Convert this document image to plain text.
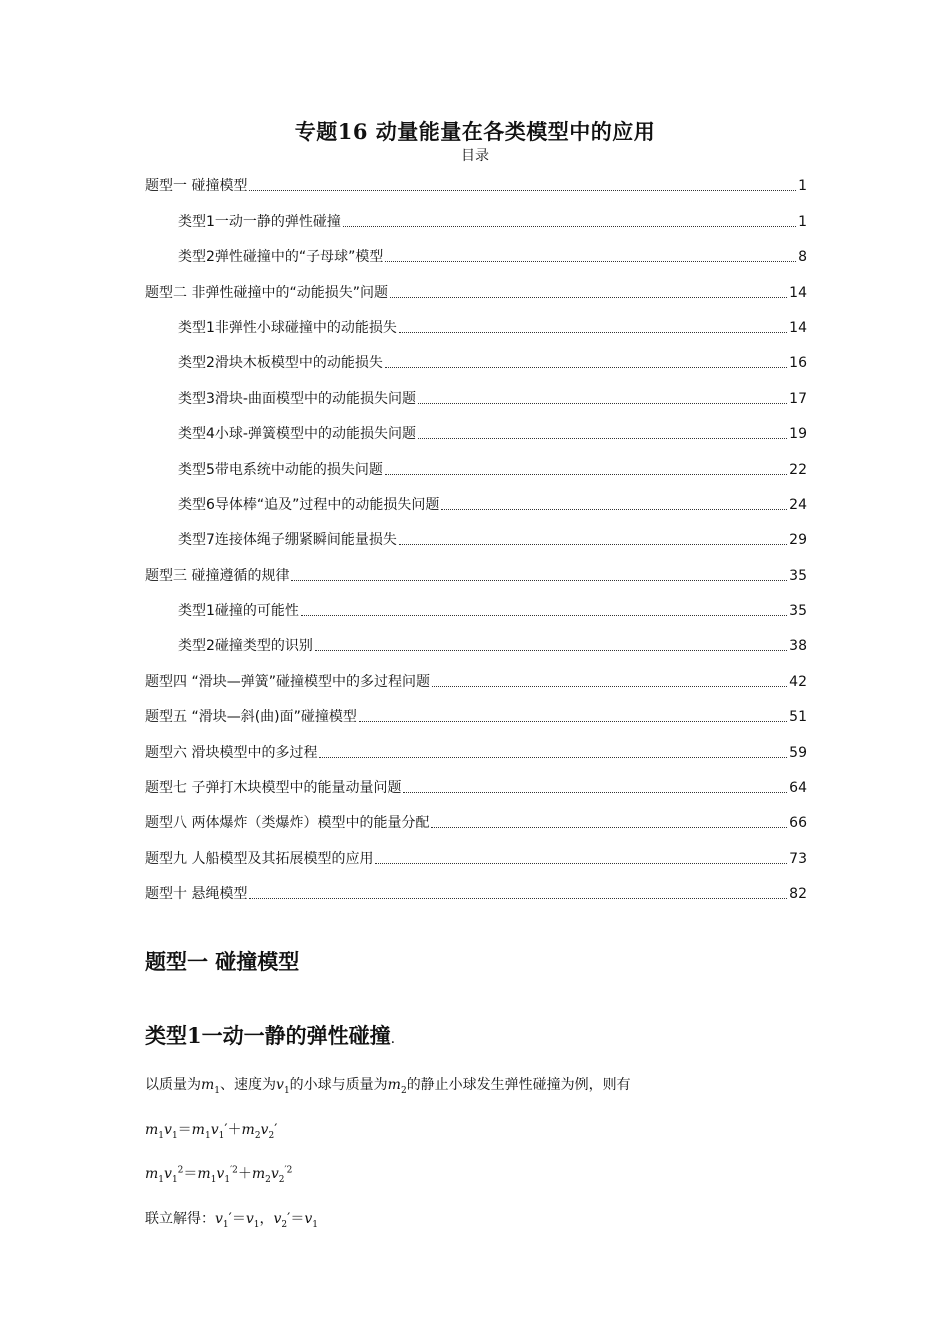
专题16 动量能量在各类模型中的应用
目录
题型一 碰撞模型	1
类型1一动一静的弹性碰撞	1
类型2弹性碰撞中的“子母球”模型	8
题型二 非弹性碰撞中的“动能损失”问题	14
类型1非弹性小球碰撞中的动能损失	14
类型2滑块木板模型中的动能损失	16
类型3滑块-曲面模型中的动能损失问题	17
类型4小球-弹簧模型中的动能损失问题	19
类型5带电系统中动能的损失问题	22
类型6导体棒“追及”过程中的动能损失问题	24
类型7连接体绳子绷紧瞬间能量损失	29
题型三 碰撞遵循的规律	35
类型1碰撞的可能性	35
类型2碰撞类型的识别	38
题型四 “滑块—弹簧”碰撞模型中的多过程问题	42
题型五 “滑块—斜(曲)面”碰撞模型	51
题型六 滑块模型中的多过程	59
题型七 子弹打木块模型中的能量动量问题	64
题型八 两体爆炸（类爆炸）模型中的能量分配	66
题型九 人船模型及其拓展模型的应用	73
题型十 悬绳模型	82
题型一 碰撞模型
类型1一动一静的弹性碰撞.
以质量为$m_1$、速度为$v_1$的小球与质量为$m_2$的静止小球发生弹性碰撞为例，则有
$m_1v_1=m_1v_1'+m_2v_2'$
$m_1v_1^2=m_1v_1^{'2}+m_2v_2^{'2}$
联立解得：$v_1'=v_1$，$v_2'=v_1$
